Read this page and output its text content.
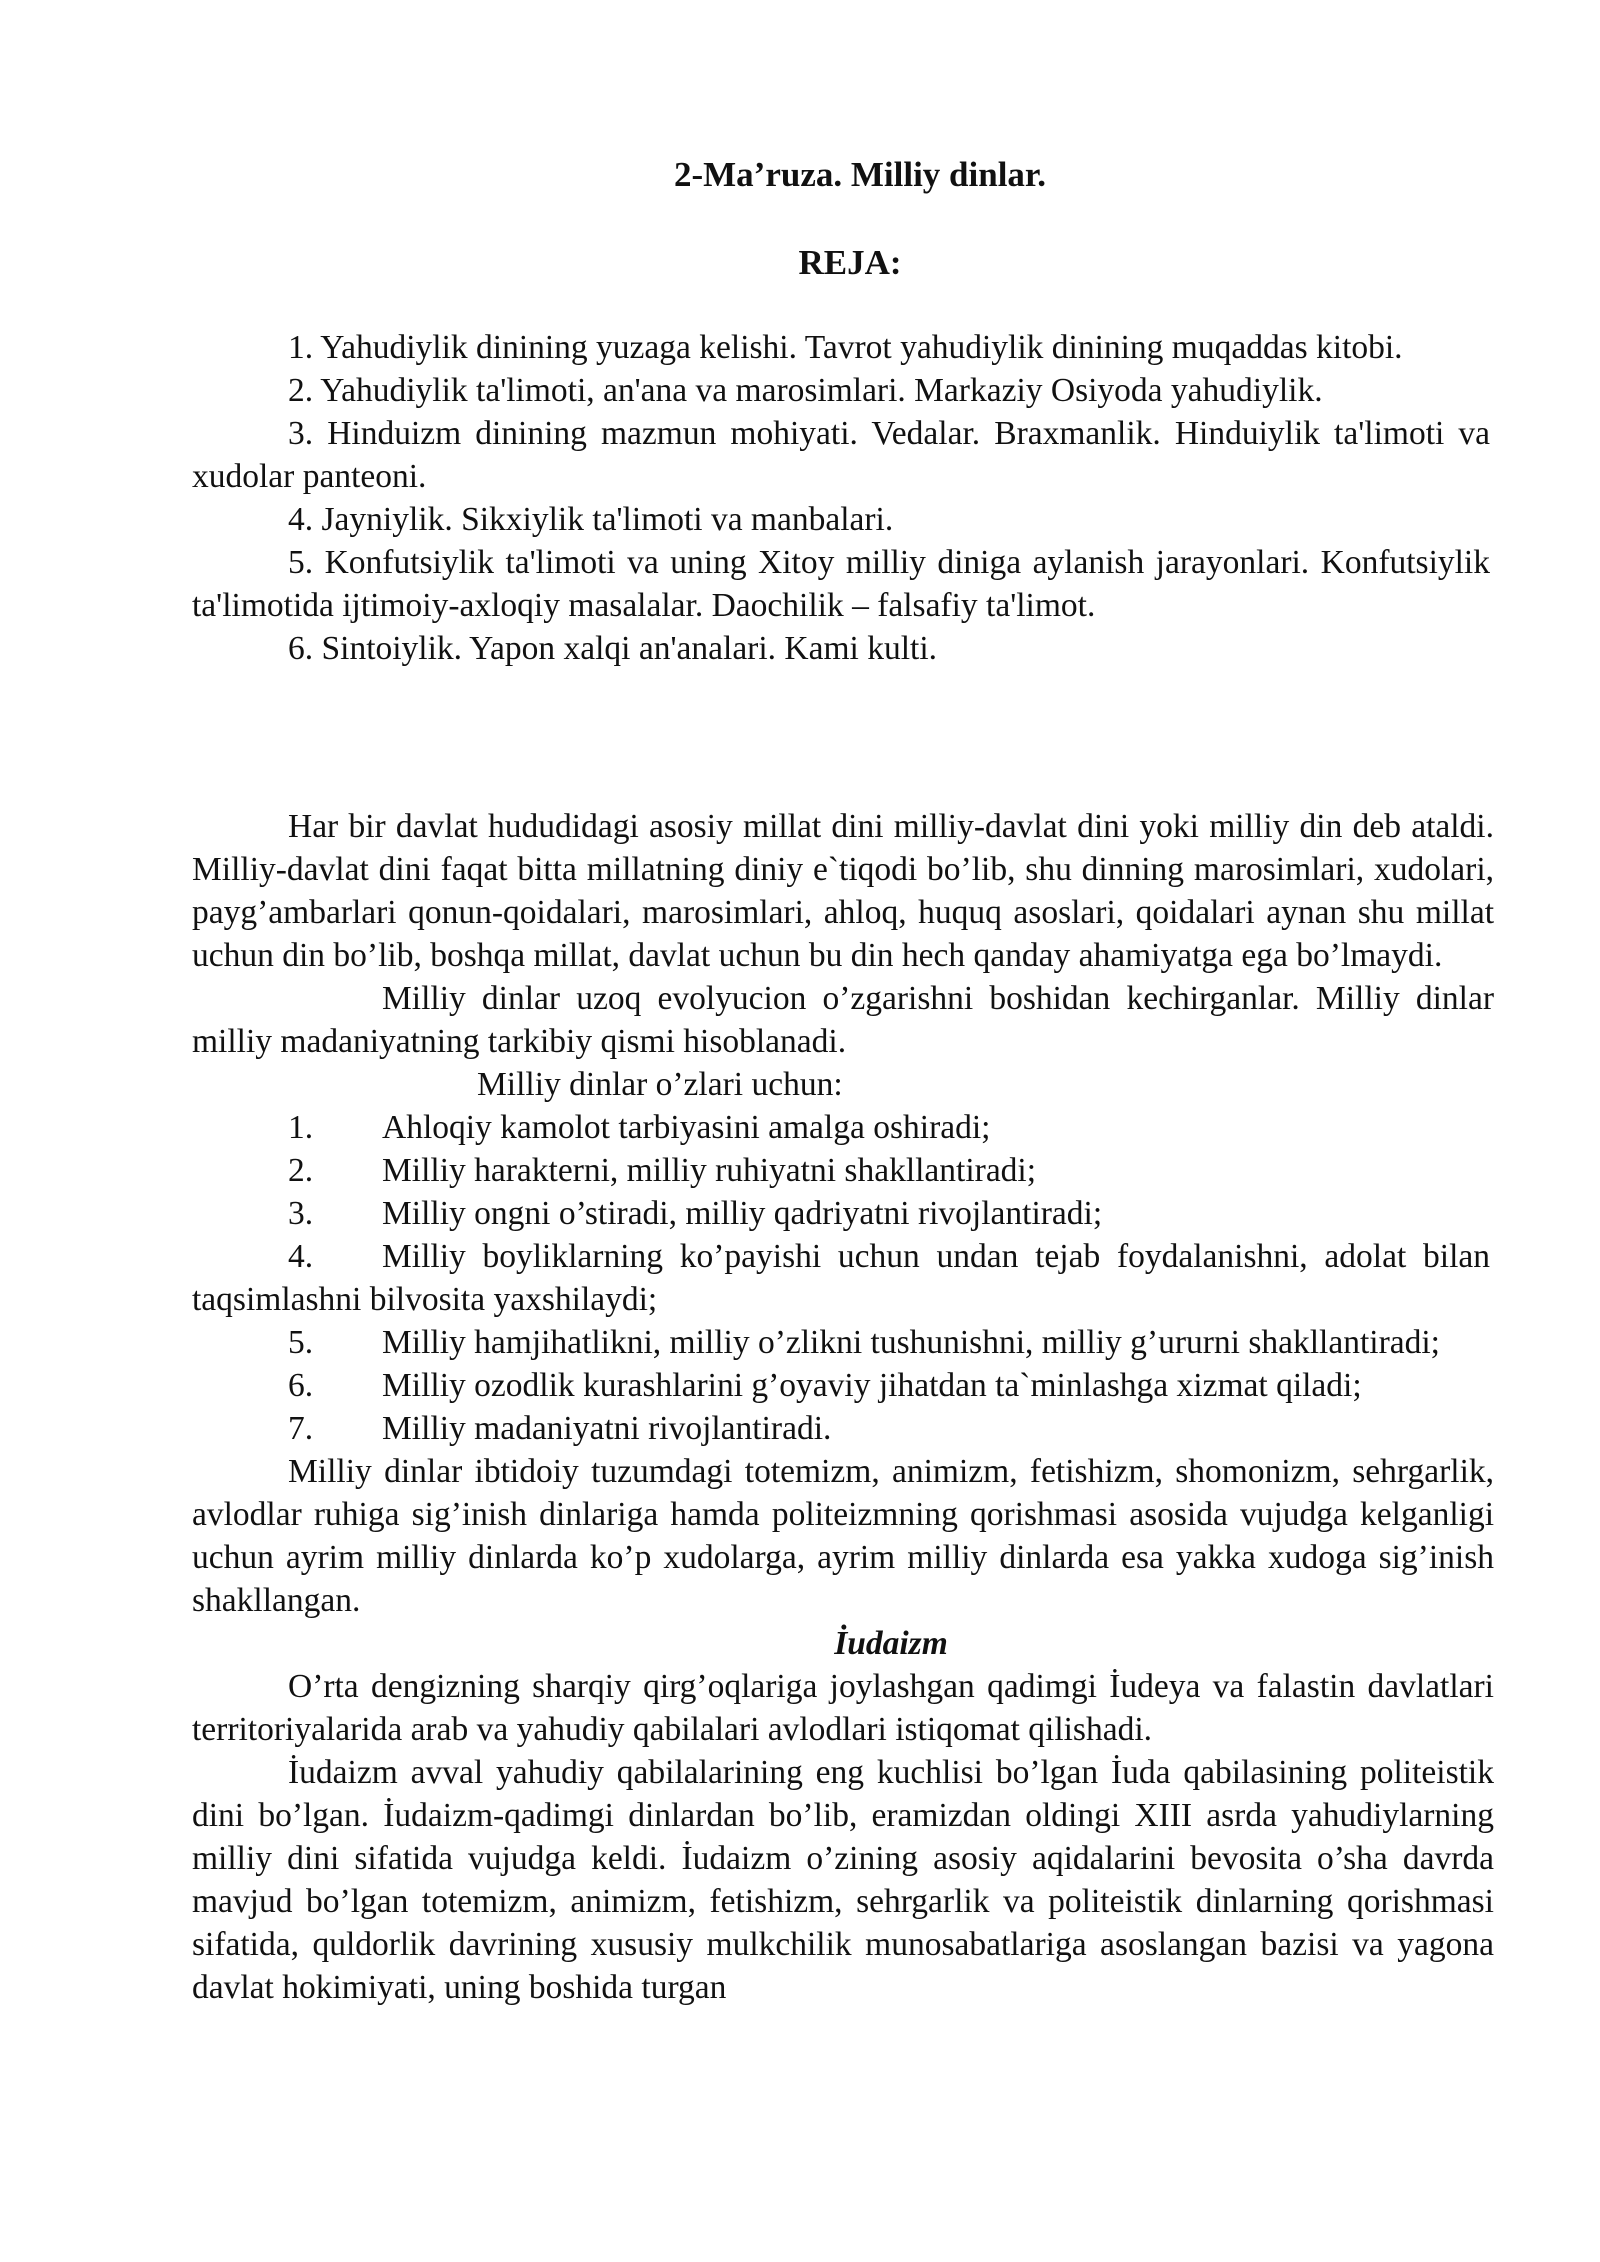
2-Ma’ruza. Milliy dinlar.
REJA:

1. Yahudiylik dinining yuzaga kelishi. Tavrot yahudiylik dinining muqaddas kitobi.

2. Yahudiylik ta'limoti, an'ana va marosimlari. Markaziy Osiyoda yahudiylik.

3. Hinduizm dinining mazmun mohiyati. Vedalar. Braxmanlik. Hinduiylik ta'limoti va xudolar panteoni.

4. Jayniylik. Sikxiylik ta'limoti va manbalari.

5. Konfutsiylik ta'limoti va uning Xitoy milliy diniga aylanish jarayonlari. Konfutsiylik ta'limotida ijtimoiy-axloqiy masalalar. Daochilik – falsafiy ta'limot.

6. Sintoiylik. Yapon xalqi an'analari. Kami kulti.

Har bir davlat hududidagi asosiy millat dini milliy-davlat dini yoki milliy din deb ataldi. Milliy-davlat dini faqat bitta millatning diniy e`tiqodi bo’lib, shu dinning marosimlari, xudolari, payg’ambarlari qonun-qoidalari, marosimlari, ahloq, huquq asoslari, qoidalari aynan shu millat uchun din bo’lib, boshqa millat, davlat uchun bu din hech qanday ahamiyatga ega bo’lmaydi.

Milliy dinlar uzoq evolyucion o’zgarishni boshidan kechirganlar. Milliy dinlar milliy madaniyatning tarkibiy qismi hisoblanadi.

Milliy dinlar o’zlari uchun:

1. Ahloqiy kamolot tarbiyasini amalga oshiradi;

2. Milliy harakterni, milliy ruhiyatni shakllantiradi;

3. Milliy ongni o’stiradi, milliy qadriyatni rivojlantiradi;

4. Milliy boyliklarning ko’payishi uchun undan tejab foydalanishni, adolat bilan taqsimlashni bilvosita yaxshilaydi;

5. Milliy hamjihatlikni, milliy o’zlikni tushunishni, milliy g’ururni shakllantiradi;

6. Milliy ozodlik kurashlarini g’oyaviy jihatdan ta`minlashga xizmat qiladi;

7. Milliy madaniyatni rivojlantiradi.

Milliy dinlar ibtidoiy tuzumdagi totemizm, animizm, fetishizm, shomonizm, sehrgarlik, avlodlar ruhiga sig’inish dinlariga hamda politeizmning qorishmasi asosida vujudga kelganligi uchun ayrim milliy dinlarda ko’p xudolarga, ayrim milliy dinlarda esa yakka xudoga sig’inish shakllangan.

İudaizm

O’rta dengizning sharqiy qirg’oqlariga joylashgan qadimgi İudeya va falastin davlatlari territoriyalarida arab va yahudiy qabilalari avlodlari istiqomat qilishadi.

İudaizm avval yahudiy qabilalarining eng kuchlisi bo’lgan İuda qabilasining politeistik dini bo’lgan. İudaizm-qadimgi dinlardan bo’lib, eramizdan oldingi XIII asrda yahudiylarning milliy dini sifatida vujudga keldi. İudaizm o’zining asosiy aqidalarini bevosita o’sha davrda mavjud bo’lgan totemizm, animizm, fetishizm, sehrgarlik va politeistik dinlarning qorishmasi sifatida, quldorlik davrining xususiy mulkchilik munosabatlariga asoslangan bazisi va yagona davlat hokimiyati, uning boshida turgan
